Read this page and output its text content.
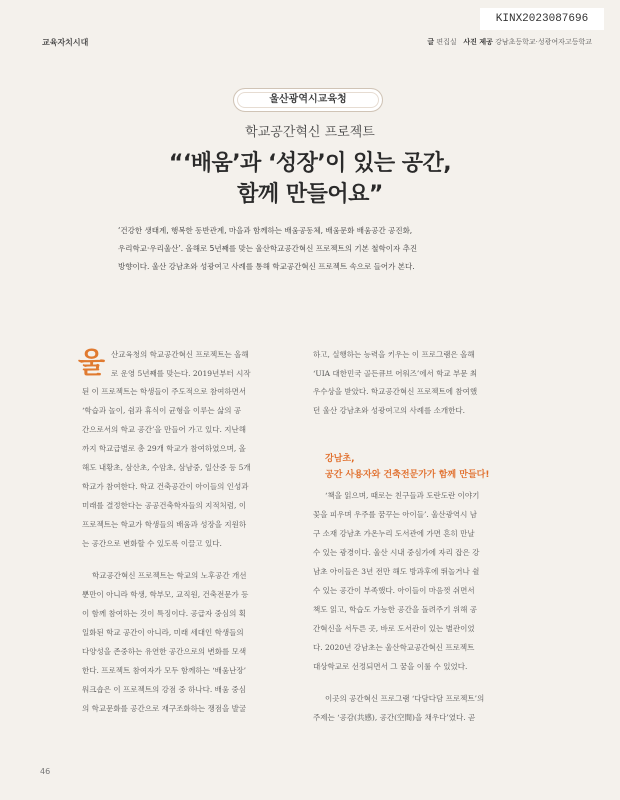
KINX2023087696
교육자치시대	글 편집실 사진 제공 강남초등학교·성광여자고등학교
울산광역시교육청
학교공간혁신 프로젝트
“‘배움’과 ‘성장’이 있는 공간,
함께 만들어요”
‘건강한 생태계, 행복한 동반관계, 마을과 함께하는 배움공동체, 배움문화 배움공간 공진화,
우리학교·우리울산’. 올해로 5년째를 맞는 울산학교공간혁신 프로젝트의 기본 철학이자 추진
방향이다. 울산 강남초와 성광여고 사례를 통해 학교공간혁신 프로젝트 속으로 들어가 본다.
울 산교육청의 학교공간혁신 프로젝트는 올해
로 운영 5년째를 맞는다. 2019년부터 시작
된 이 프로젝트는 학생들이 주도적으로 참여하면서
‘학습과 놀이, 쉼과 휴식이 균형을 이루는 삶의 공
간으로서의 학교 공간’을 만들어 가고 있다. 지난해
까지 학교급별로 총 29개 학교가 참여하였으며, 올
해도 내황초, 삼산초, 수암초, 삼남중, 일산중 등 5개
학교가 참여한다. 학교 건축공간이 아이들의 인성과
미래를 결정한다는 공공건축학자들의 지적처럼, 이
프로젝트는 학교가 학생들의 배움과 성장을 지원하
는 공간으로 변화할 수 있도록 이끌고 있다.
학교공간혁신 프로젝트는 학교의 노후공간 개선
뿐만이 아니라 학생, 학부모, 교직원, 건축전문가 등
이 함께 참여하는 것이 특징이다. 공급자 중심의 획
일화된 학교 공간이 아니라, 미래 세대인 학생들의
다양성을 존중하는 유연한 공간으로의 변화를 모색
한다. 프로젝트 참여자가 모두 함께하는 ‘배움난장’
워크숍은 이 프로젝트의 강점 중 하나다. 배움 중심
의 학교문화를 공간으로 재구조화하는 쟁점을 발굴
하고, 실행하는 능력을 키우는 이 프로그램은 올해
‘UIA 대한민국 골든큐브 어워즈’에서 학교 부문 최
우수상을 받았다. 학교공간혁신 프로젝트에 참여했
던 울산 강남초와 성광여고의 사례를 소개한다.
강남초,
공간 사용자와 건축전문가가 함께 만들다!
‘책을 읽으며, 때로는 친구들과 도란도란 이야기
꽃을 피우며 우주를 꿈꾸는 아이들’. 울산광역시 남
구 소재 강남초 가온누리 도서관에 가면 흔히 만날
수 있는 광경이다. 울산 시내 중심가에 자리 잡은 강
남초 아이들은 3년 전만 해도 방과후에 뛰놀거나 쉴
수 있는 공간이 부족했다. 아이들이 마음껏 쉬면서
책도 읽고, 학습도 가능한 공간을 돌려주기 위해 공
간혁신을 서두른 곳, 바로 도서관이 있는 별관이었
다. 2020년 강남초는 울산학교공간혁신 프로젝트
대상학교로 선정되면서 그 꿈을 이룰 수 있었다.
이곳의 공간혁신 프로그램 ‘다담다담 프로젝트’의
주제는 ‘공감(共感), 공간(空間)을 채우다’였다. 곧
46
